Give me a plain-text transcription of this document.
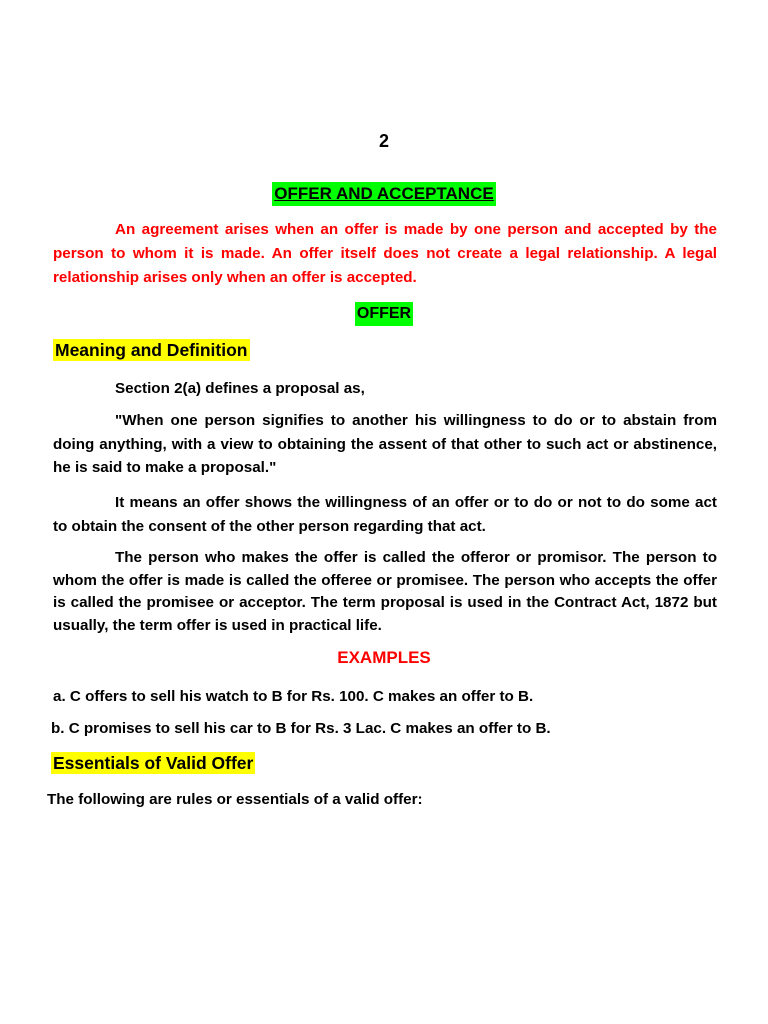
2
OFFER AND ACCEPTANCE

An agreement arises when an offer is made by one person and accepted by the person to whom it is made. An offer itself does not create a legal relationship. A legal relationship arises only when an offer is accepted.

OFFER
Meaning and Definition

Section 2(a) defines a proposal as,

"When one person signifies to another his willingness to do or to abstain from doing anything, with a view to obtaining the assent of that other to such act or abstinence, he is said to make a proposal."

It means an offer shows the willingness of an offer or to do or not to do some act to obtain the consent of the other person regarding that act.

The person who makes the offer is called the offeror or promisor. The person to whom the offer is made is called the offeree or promisee. The person who accepts the offer is called the promisee or acceptor. The term proposal is used in the Contract Act, 1872 but usually, the term offer is used in practical life.

EXAMPLES
a. C offers to sell his watch to B for Rs. 100. C makes an offer to B.
b. C promises to sell his car to B for Rs. 3 Lac. C makes an offer to B.
Essentials of Valid Offer
The following are rules or essentials of a valid offer:
